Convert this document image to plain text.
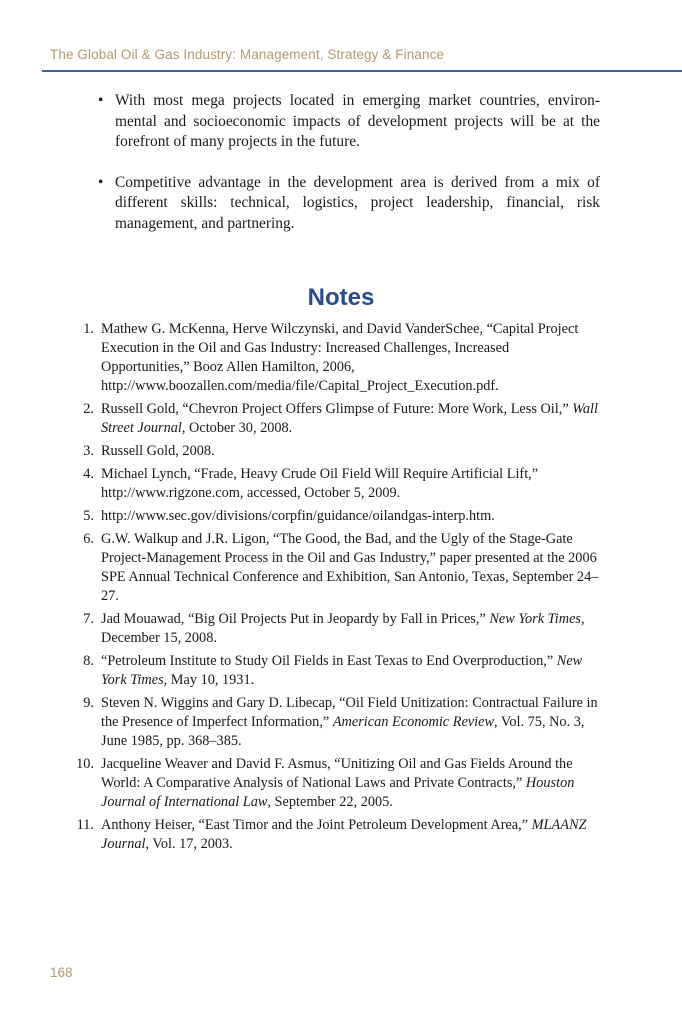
The Global Oil & Gas Industry: Management, Strategy & Finance
• With most mega projects located in emerging market countries, environ-mental and socioeconomic impacts of development projects will be at the forefront of many projects in the future.
• Competitive advantage in the development area is derived from a mix of different skills: technical, logistics, project leadership, financial, risk management, and partnering.
Notes
1. Mathew G. McKenna, Herve Wilczynski, and David VanderSchee, “Capital Project Execution in the Oil and Gas Industry: Increased Challenges, Increased Opportunities,” Booz Allen Hamilton, 2006, http://www.boozallen.com/media/file/Capital_Project_Execution.pdf.
2. Russell Gold, “Chevron Project Offers Glimpse of Future: More Work, Less Oil,” Wall Street Journal, October 30, 2008.
3. Russell Gold, 2008.
4. Michael Lynch, “Frade, Heavy Crude Oil Field Will Require Artificial Lift,” http://www.rigzone.com, accessed, October 5, 2009.
5. http://www.sec.gov/divisions/corpfin/guidance/oilandgas-interp.htm.
6. G.W. Walkup and J.R. Ligon, “The Good, the Bad, and the Ugly of the Stage-Gate Project-Management Process in the Oil and Gas Industry,” paper presented at the 2006 SPE Annual Technical Conference and Exhibition, San Antonio, Texas, September 24–27.
7. Jad Mouawad, “Big Oil Projects Put in Jeopardy by Fall in Prices,” New York Times, December 15, 2008.
8. “Petroleum Institute to Study Oil Fields in East Texas to End Overproduction,” New York Times, May 10, 1931.
9. Steven N. Wiggins and Gary D. Libecap, “Oil Field Unitization: Contractual Failure in the Presence of Imperfect Information,” American Economic Review, Vol. 75, No. 3, June 1985, pp. 368–385.
10. Jacqueline Weaver and David F. Asmus, “Unitizing Oil and Gas Fields Around the World: A Comparative Analysis of National Laws and Private Contracts,” Houston Journal of International Law, September 22, 2005.
11. Anthony Heiser, “East Timor and the Joint Petroleum Development Area,” MLAANZ Journal, Vol. 17, 2003.
168
